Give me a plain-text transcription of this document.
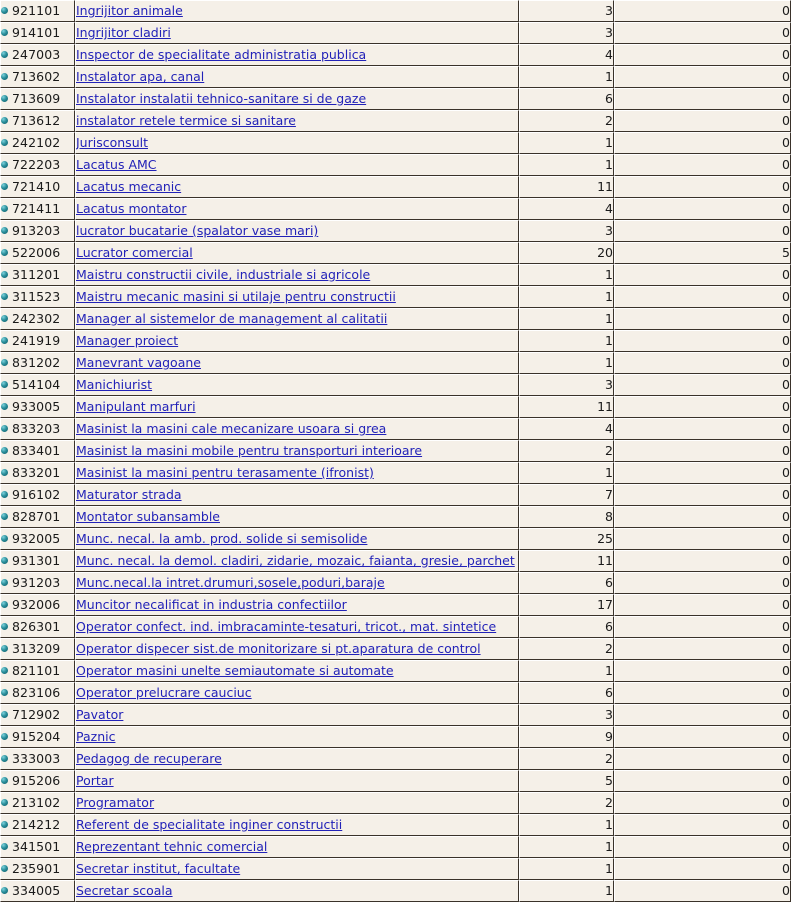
921101	Ingrijitor animale	3	0
914101	Ingrijitor cladiri	3	0
247003	Inspector de specialitate administratia publica	4	0
713602	Instalator apa, canal	1	0
713609	Instalator instalatii tehnico-sanitare si de gaze	6	0
713612	instalator retele termice si sanitare	2	0
242102	Jurisconsult	1	0
722203	Lacatus AMC	1	0
721410	Lacatus mecanic	11	0
721411	Lacatus montator	4	0
913203	lucrator bucatarie (spalator vase mari)	3	0
522006	Lucrator comercial	20	5
311201	Maistru constructii civile, industriale si agricole	1	0
311523	Maistru mecanic masini si utilaje pentru constructii	1	0
242302	Manager al sistemelor de management al calitatii	1	0
241919	Manager proiect	1	0
831202	Manevrant vagoane	1	0
514104	Manichiurist	3	0
933005	Manipulant marfuri	11	0
833203	Masinist la masini cale mecanizare usoara si grea	4	0
833401	Masinist la masini mobile pentru transporturi interioare	2	0
833201	Masinist la masini pentru terasamente (ifronist)	1	0
916102	Maturator strada	7	0
828701	Montator subansamble	8	0
932005	Munc. necal. la amb. prod. solide si semisolide	25	0
931301	Munc. necal. la demol. cladiri, zidarie, mozaic, faianta, gresie, parchet	11	0
931203	Munc.necal.la intret.drumuri,sosele,poduri,baraje	6	0
932006	Muncitor necalificat in industria confectiilor	17	0
826301	Operator confect. ind. imbracaminte-tesaturi, tricot., mat. sintetice	6	0
313209	Operator dispecer sist.de monitorizare si pt.aparatura de control	2	0
821101	Operator masini unelte semiautomate si automate	1	0
823106	Operator prelucrare cauciuc	6	0
712902	Pavator	3	0
915204	Paznic	9	0
333003	Pedagog de recuperare	2	0
915206	Portar	5	0
213102	Programator	2	0
214212	Referent de specialitate inginer constructii	1	0
341501	Reprezentant tehnic comercial	1	0
235901	Secretar institut, facultate	1	0
334005	Secretar scoala	1	0
